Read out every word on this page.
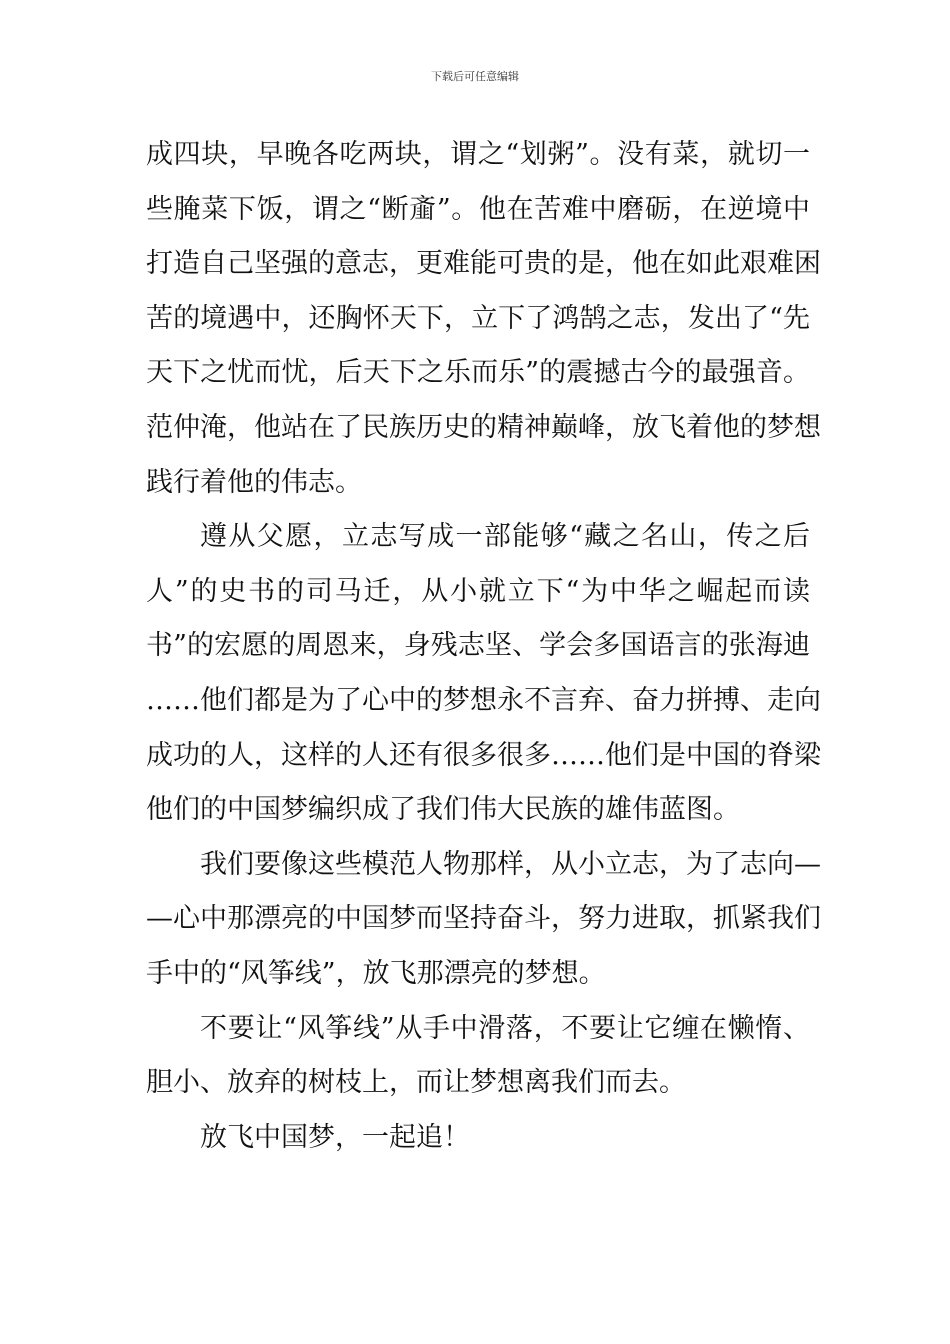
下载后可任意编辑
成四块，早晚各吃两块，谓之“划粥”。没有菜，就切一
些腌菜下饭，谓之“断齑”。他在苦难中磨砺，在逆境中
打造自己坚强的意志，更难能可贵的是，他在如此艰难困
苦的境遇中，还胸怀天下，立下了鸿鹄之志，发出了“先
天下之忧而忧，后天下之乐而乐”的震撼古今的最强音。
范仲淹，他站在了民族历史的精神巅峰，放飞着他的梦想
践行着他的伟志。
遵从父愿，立志写成一部能够“藏之名山，传之后
人”的史书的司马迁，从小就立下“为中华之崛起而读
书”的宏愿的周恩来，身残志坚、学会多国语言的张海迪
……他们都是为了心中的梦想永不言弃、奋力拼搏、走向
成功的人，这样的人还有很多很多……他们是中国的脊梁
他们的中国梦编织成了我们伟大民族的雄伟蓝图。
我们要像这些模范人物那样，从小立志，为了志向—
—心中那漂亮的中国梦而坚持奋斗，努力进取，抓紧我们
手中的“风筝线”，放飞那漂亮的梦想。
不要让“风筝线”从手中滑落，不要让它缠在懒惰、
胆小、放弃的树枝上，而让梦想离我们而去。
放飞中国梦，一起追！
